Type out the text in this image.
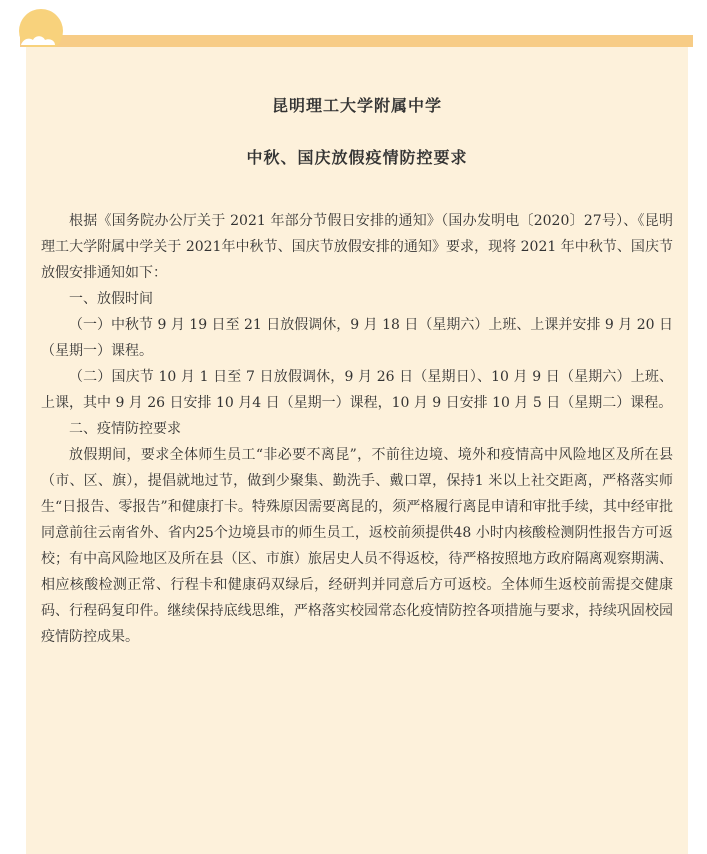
昆明理工大学附属中学
中秋、国庆放假疫情防控要求

根据《国务院办公厅关于 2021 年部分节假日安排的通知》（国办发明电〔2020〕27号）、《昆明理工大学附属中学关于 2021年中秋节、国庆节放假安排的通知》要求，现将 2021 年中秋节、国庆节放假安排通知如下：

一、放假时间

（一）中秋节 9 月 19 日至 21 日放假调休，9 月 18 日（星期六）上班、上课并安排 9 月 20 日（星期一）课程。

（二）国庆节 10 月 1 日至 7 日放假调休，9 月 26 日（星期日）、10 月 9 日（星期六）上班、上课，其中 9 月 26 日安排 10 月4 日（星期一）课程，10 月 9 日安排 10 月 5 日（星期二）课程。

二、疫情防控要求

放假期间，要求全体师生员工“非必要不离昆”，不前往边境、境外和疫情高中风险地区及所在县（市、区、旗），提倡就地过节，做到少聚集、勤洗手、戴口罩，保持1 米以上社交距离，严格落实师生“日报告、零报告”和健康打卡。特殊原因需要离昆的，须严格履行离昆申请和审批手续，其中经审批同意前往云南省外、省内25个边境县市的师生员工，返校前须提供48 小时内核酸检测阴性报告方可返校；有中高风险地区及所在县（区、市旗）旅居史人员不得返校，待严格按照地方政府隔离观察期满、相应核酸检测正常、行程卡和健康码双绿后，经研判并同意后方可返校。全体师生返校前需提交健康码、行程码复印件。继续保持底线思维，严格落实校园常态化疫情防控各项措施与要求，持续巩固校园疫情防控成果。
